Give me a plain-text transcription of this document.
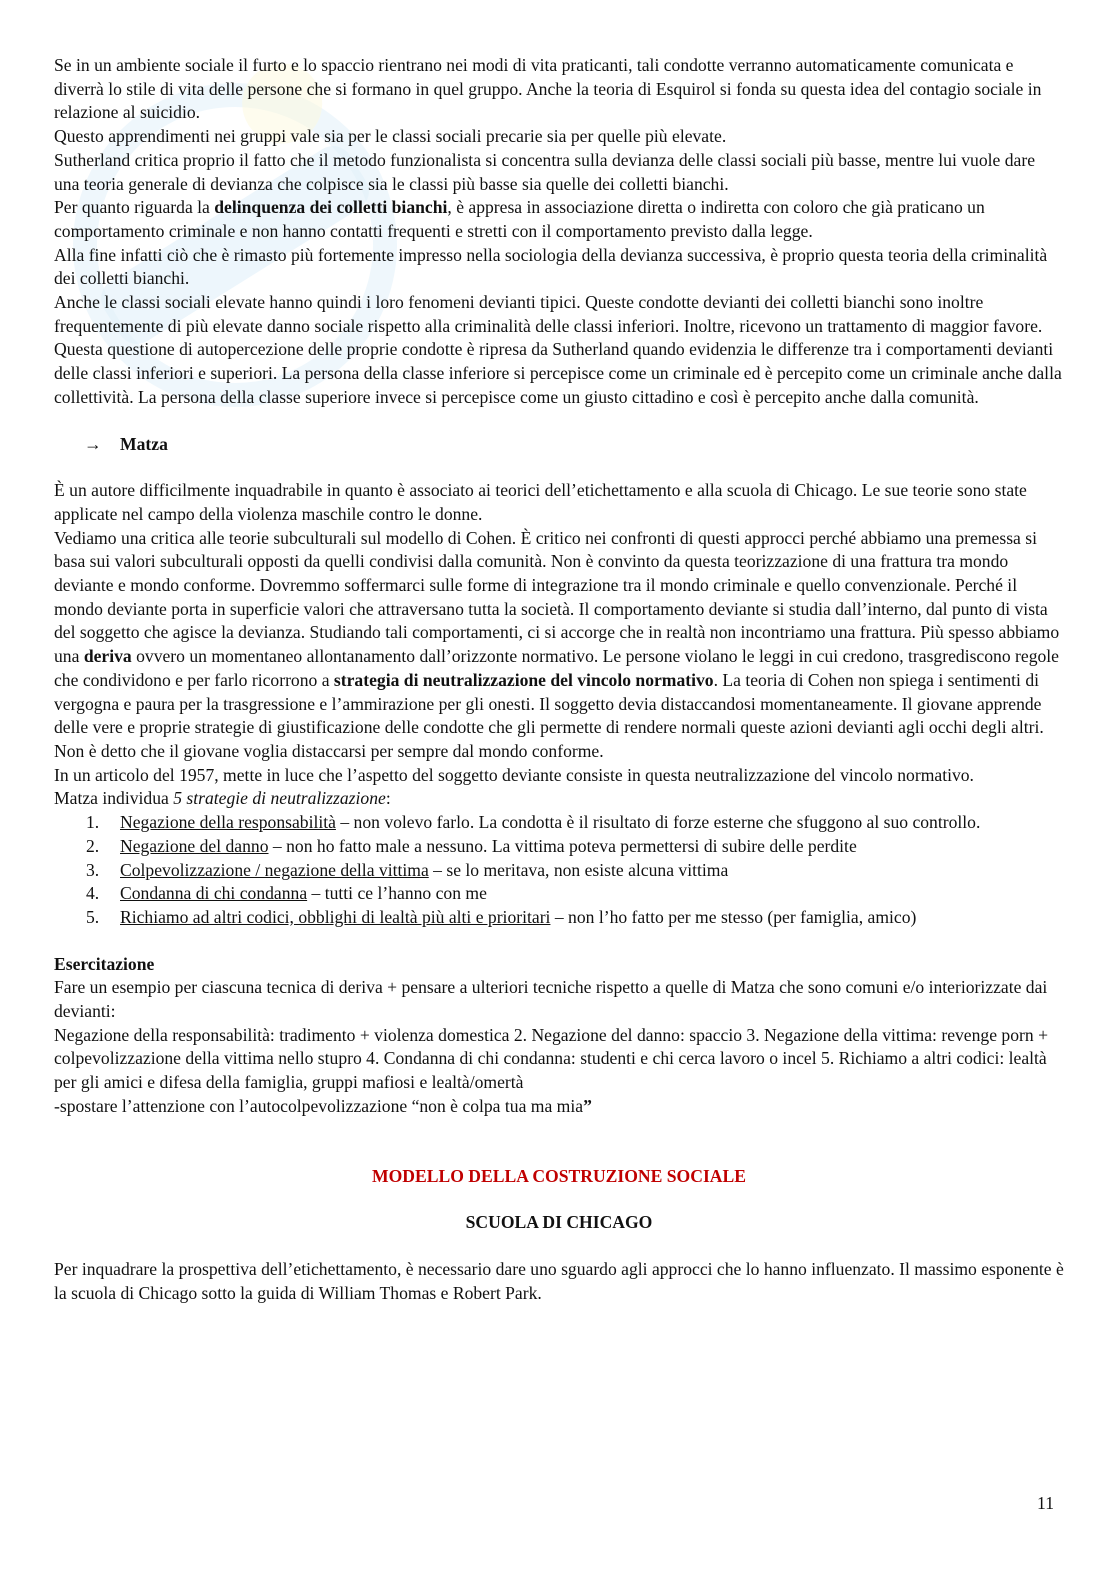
Se in un ambiente sociale il furto e lo spaccio rientrano nei modi di vita praticanti, tali condotte verranno automaticamente comunicata e diverrà lo stile di vita delle persone che si formano in quel gruppo. Anche la teoria di Esquirol si fonda su questa idea del contagio sociale in relazione al suicidio.
Questo apprendimenti nei gruppi vale sia per le classi sociali precarie sia per quelle più elevate.
Sutherland critica proprio il fatto che il metodo funzionalista si concentra sulla devianza delle classi sociali più basse, mentre lui vuole dare una teoria generale di devianza che colpisce sia le classi più basse sia quelle dei colletti bianchi.
Per quanto riguarda la delinquenza dei colletti bianchi, è appresa in associazione diretta o indiretta con coloro che già praticano un comportamento criminale e non hanno contatti frequenti e stretti con il comportamento previsto dalla legge.
Alla fine infatti ciò che è rimasto più fortemente impresso nella sociologia della devianza successiva, è proprio questa teoria della criminalità dei colletti bianchi.
Anche le classi sociali elevate hanno quindi i loro fenomeni devianti tipici. Queste condotte devianti dei colletti bianchi sono inoltre frequentemente di più elevate danno sociale rispetto alla criminalità delle classi inferiori. Inoltre, ricevono un trattamento di maggior favore. Questa questione di autopercezione delle proprie condotte è ripresa da Sutherland quando evidenzia le differenze tra i comportamenti devianti delle classi inferiori e superiori. La persona della classe inferiore si percepisce come un criminale ed è percepito come un criminale anche dalla collettività. La persona della classe superiore invece si percepisce come un giusto cittadino e così è percepito anche dalla comunità.
→ Matza
È un autore difficilmente inquadrabile in quanto è associato ai teorici dell’etichettamento e alla scuola di Chicago. Le sue teorie sono state applicate nel campo della violenza maschile contro le donne.
Vediamo una critica alle teorie subculturali sul modello di Cohen. È critico nei confronti di questi approcci perché abbiamo una premessa si basa sui valori subculturali opposti da quelli condivisi dalla comunità. Non è convinto da questa teorizzazione di una frattura tra mondo deviante e mondo conforme. Dovremmo soffermarci sulle forme di integrazione tra il mondo criminale e quello convenzionale. Perché il mondo deviante porta in superficie valori che attraversano tutta la società. Il comportamento deviante si studia dall’interno, dal punto di vista del soggetto che agisce la devianza. Studiando tali comportamenti, ci si accorge che in realtà non incontriamo una frattura. Più spesso abbiamo una deriva ovvero un momentaneo allontanamento dall’orizzonte normativo. Le persone violano le leggi in cui credono, trasgrediscono regole che condividono e per farlo ricorrono a strategia di neutralizzazione del vincolo normativo. La teoria di Cohen non spiega i sentimenti di vergogna e paura per la trasgressione e l’ammirazione per gli onesti. Il soggetto devia distaccandosi momentaneamente. Il giovane apprende delle vere e proprie strategie di giustificazione delle condotte che gli permette di rendere normali queste azioni devianti agli occhi degli altri. Non è detto che il giovane voglia distaccarsi per sempre dal mondo conforme.
In un articolo del 1957, mette in luce che l’aspetto del soggetto deviante consiste in questa neutralizzazione del vincolo normativo.
Matza individua 5 strategie di neutralizzazione:
1. Negazione della responsabilità – non volevo farlo. La condotta è il risultato di forze esterne che sfuggono al suo controllo.
2. Negazione del danno – non ho fatto male a nessuno. La vittima poteva permettersi di subire delle perdite
3. Colpevolizzazione / negazione della vittima – se lo meritava, non esiste alcuna vittima
4. Condanna di chi condanna – tutti ce l’hanno con me
5. Richiamo ad altri codici, obblighi di lealtà più alti e prioritari – non l’ho fatto per me stesso (per famiglia, amico)
Esercitazione
Fare un esempio per ciascuna tecnica di deriva + pensare a ulteriori tecniche rispetto a quelle di Matza che sono comuni e/o interiorizzate dai devianti:
Negazione della responsabilità: tradimento + violenza domestica 2. Negazione del danno: spaccio 3. Negazione della vittima: revenge porn + colpevolizzazione della vittima nello stupro 4. Condanna di chi condanna: studenti e chi cerca lavoro o incel 5. Richiamo a altri codici: lealtà per gli amici e difesa della famiglia, gruppi mafiosi e lealtà/omertà
-spostare l’attenzione con l’autocolpevolizzazione “non è colpa tua ma mia”
MODELLO DELLA COSTRUZIONE SOCIALE
SCUOLA DI CHICAGO
Per inquadrare la prospettiva dell’etichettamento, è necessario dare uno sguardo agli approcci che lo hanno influenzato. Il massimo esponente è la scuola di Chicago sotto la guida di William Thomas e Robert Park.
11
